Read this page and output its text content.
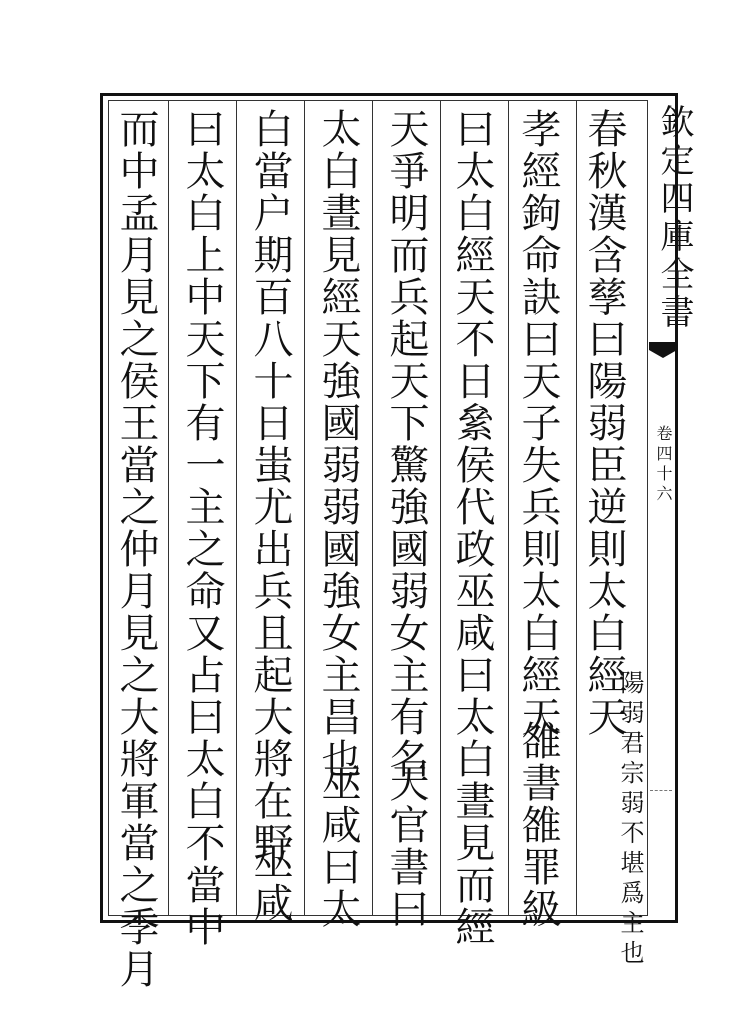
欽定四庫全書
卷四十六
春秋漢含孳曰陽弱臣逆則太白經天
陽弱君宗弱不堪爲主也
孝經鉤命訣曰天子失兵則太白經天
雒書雒罪級
曰太白經天不日絫侯代政
巫咸曰太白晝見而經
天爭明而兵起天下驚強國弱女主有名
天官書曰
太白晝見經天強國弱弱國強女主昌也
巫咸曰太
白當户期百八十日蚩尤出兵且起大將在野
巫咸
曰太白上中天下有一主之命
又占曰太白不當中
而中孟月見之侯王當之仲月見之大將軍當之季月
